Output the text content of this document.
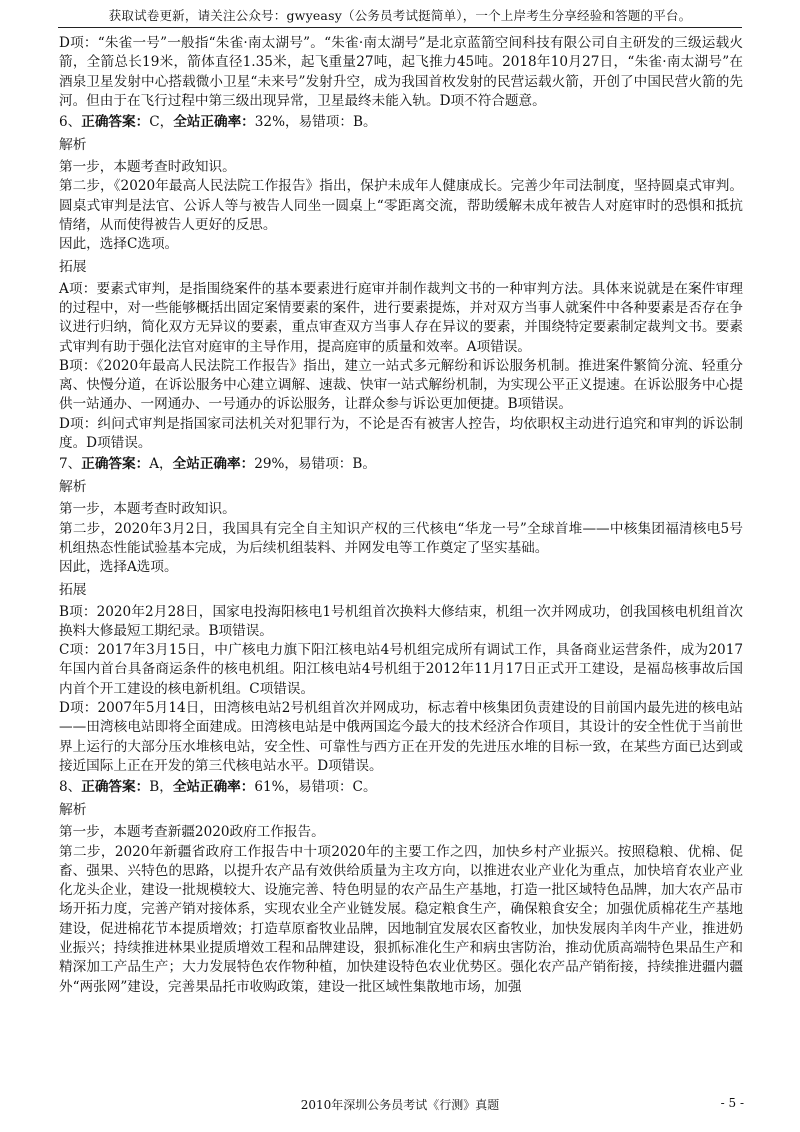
获取试卷更新，请关注公众号：gwyeasy（公务员考试挺简单），一个上岸考生分享经验和答题的平台。

D项：“朱雀一号”一般指“朱雀·南太湖号”。“朱雀·南太湖号”是北京蓝箭空间科技有限公司自主研发的三级运载火箭，全箭总长19米，箭体直径1.35米，起飞重量27吨，起飞推力45吨。2018年10月27日，“朱雀·南太湖号”在酒泉卫星发射中心搭载微小卫星“未来号”发射升空，成为我国首枚发射的民营运载火箭，开创了中国民营火箭的先河。但由于在飞行过程中第三级出现异常，卫星最终未能入轨。D项不符合题意。

6、正确答案：C，全站正确率：32%，易错项：B。

解析

第一步，本题考查时政知识。

第二步，《2020年最高人民法院工作报告》指出，保护未成年人健康成长。完善少年司法制度，坚持圆桌式审判。圆桌式审判是法官、公诉人等与被告人同坐一圆桌上“零距离交流，帮助缓解未成年被告人对庭审时的恐惧和抵抗情绪，从而使得被告人更好的反思。

因此，选择C选项。

拓展

A项：要素式审判，是指围绕案件的基本要素进行庭审并制作裁判文书的一种审判方法。具体来说就是在案件审理的过程中，对一些能够概括出固定案情要素的案件，进行要素提炼，并对双方当事人就案件中各种要素是否存在争议进行归纳，简化双方无异议的要素，重点审查双方当事人存在异议的要素，并围绕特定要素制定裁判文书。要素式审判有助于强化法官对庭审的主导作用，提高庭审的质量和效率。A项错误。

B项：《2020年最高人民法院工作报告》指出，建立一站式多元解纷和诉讼服务机制。推进案件繁简分流、轻重分离、快慢分道，在诉讼服务中心建立调解、速裁、快审一站式解纷机制，为实现公平正义提速。在诉讼服务中心提供一站通办、一网通办、一号通办的诉讼服务，让群众参与诉讼更加便捷。B项错误。

D项：纠问式审判是指国家司法机关对犯罪行为，不论是否有被害人控告，均依职权主动进行追究和审判的诉讼制度。D项错误。

7、正确答案：A，全站正确率：29%，易错项：B。

解析

第一步，本题考查时政知识。

第二步，2020年3月2日，我国具有完全自主知识产权的三代核电“华龙一号”全球首堆——中核集团福清核电5号机组热态性能试验基本完成，为后续机组装料、并网发电等工作奠定了坚实基础。

因此，选择A选项。

拓展

B项：2020年2月28日，国家电投海阳核电1号机组首次换料大修结束，机组一次并网成功，创我国核电机组首次换料大修最短工期纪录。B项错误。

C项：2017年3月15日，中广核电力旗下阳江核电站4号机组完成所有调试工作，具备商业运营条件，成为2017年国内首台具备商运条件的核电机组。阳江核电站4号机组于2012年11月17日正式开工建设，是福岛核事故后国内首个开工建设的核电新机组。C项错误。

D项：2007年5月14日，田湾核电站2号机组首次并网成功，标志着中核集团负责建设的目前国内最先进的核电站——田湾核电站即将全面建成。田湾核电站是中俄两国迄今最大的技术经济合作项目，其设计的安全性优于当前世界上运行的大部分压水堆核电站，安全性、可靠性与西方正在开发的先进压水堆的目标一致，在某些方面已达到或接近国际上正在开发的第三代核电站水平。D项错误。

8、正确答案：B，全站正确率：61%，易错项：C。

解析

第一步，本题考查新疆2020政府工作报告。

第二步，2020年新疆省政府工作报告中十项2020年的主要工作之四，加快乡村产业振兴。按照稳粮、优棉、促畜、强果、兴特色的思路，以提升农产品有效供给质量为主攻方向，以推进农业产业化为重点，加快培育农业产业化龙头企业，建设一批规模较大、设施完善、特色明显的农产品生产基地，打造一批区域特色品牌，加大农产品市场开拓力度，完善产销对接体系，实现农业全产业链发展。稳定粮食生产，确保粮食安全；加强优质棉花生产基地建设，促进棉花节本提质增效；打造草原畜牧业品牌，因地制宜发展农区畜牧业，加快发展肉羊肉牛产业，推进奶业振兴；持续推进林果业提质增效工程和品牌建设，狠抓标准化生产和病虫害防治，推动优质高端特色果品生产和精深加工产品生产；大力发展特色农作物种植，加快建设特色农业优势区。强化农产品产销衔接，持续推进疆内疆外“两张网”建设，完善果品托市收购政策，建设一批区域性集散地市场，加强

2010年深圳公务员考试《行测》真题	- 5 -
